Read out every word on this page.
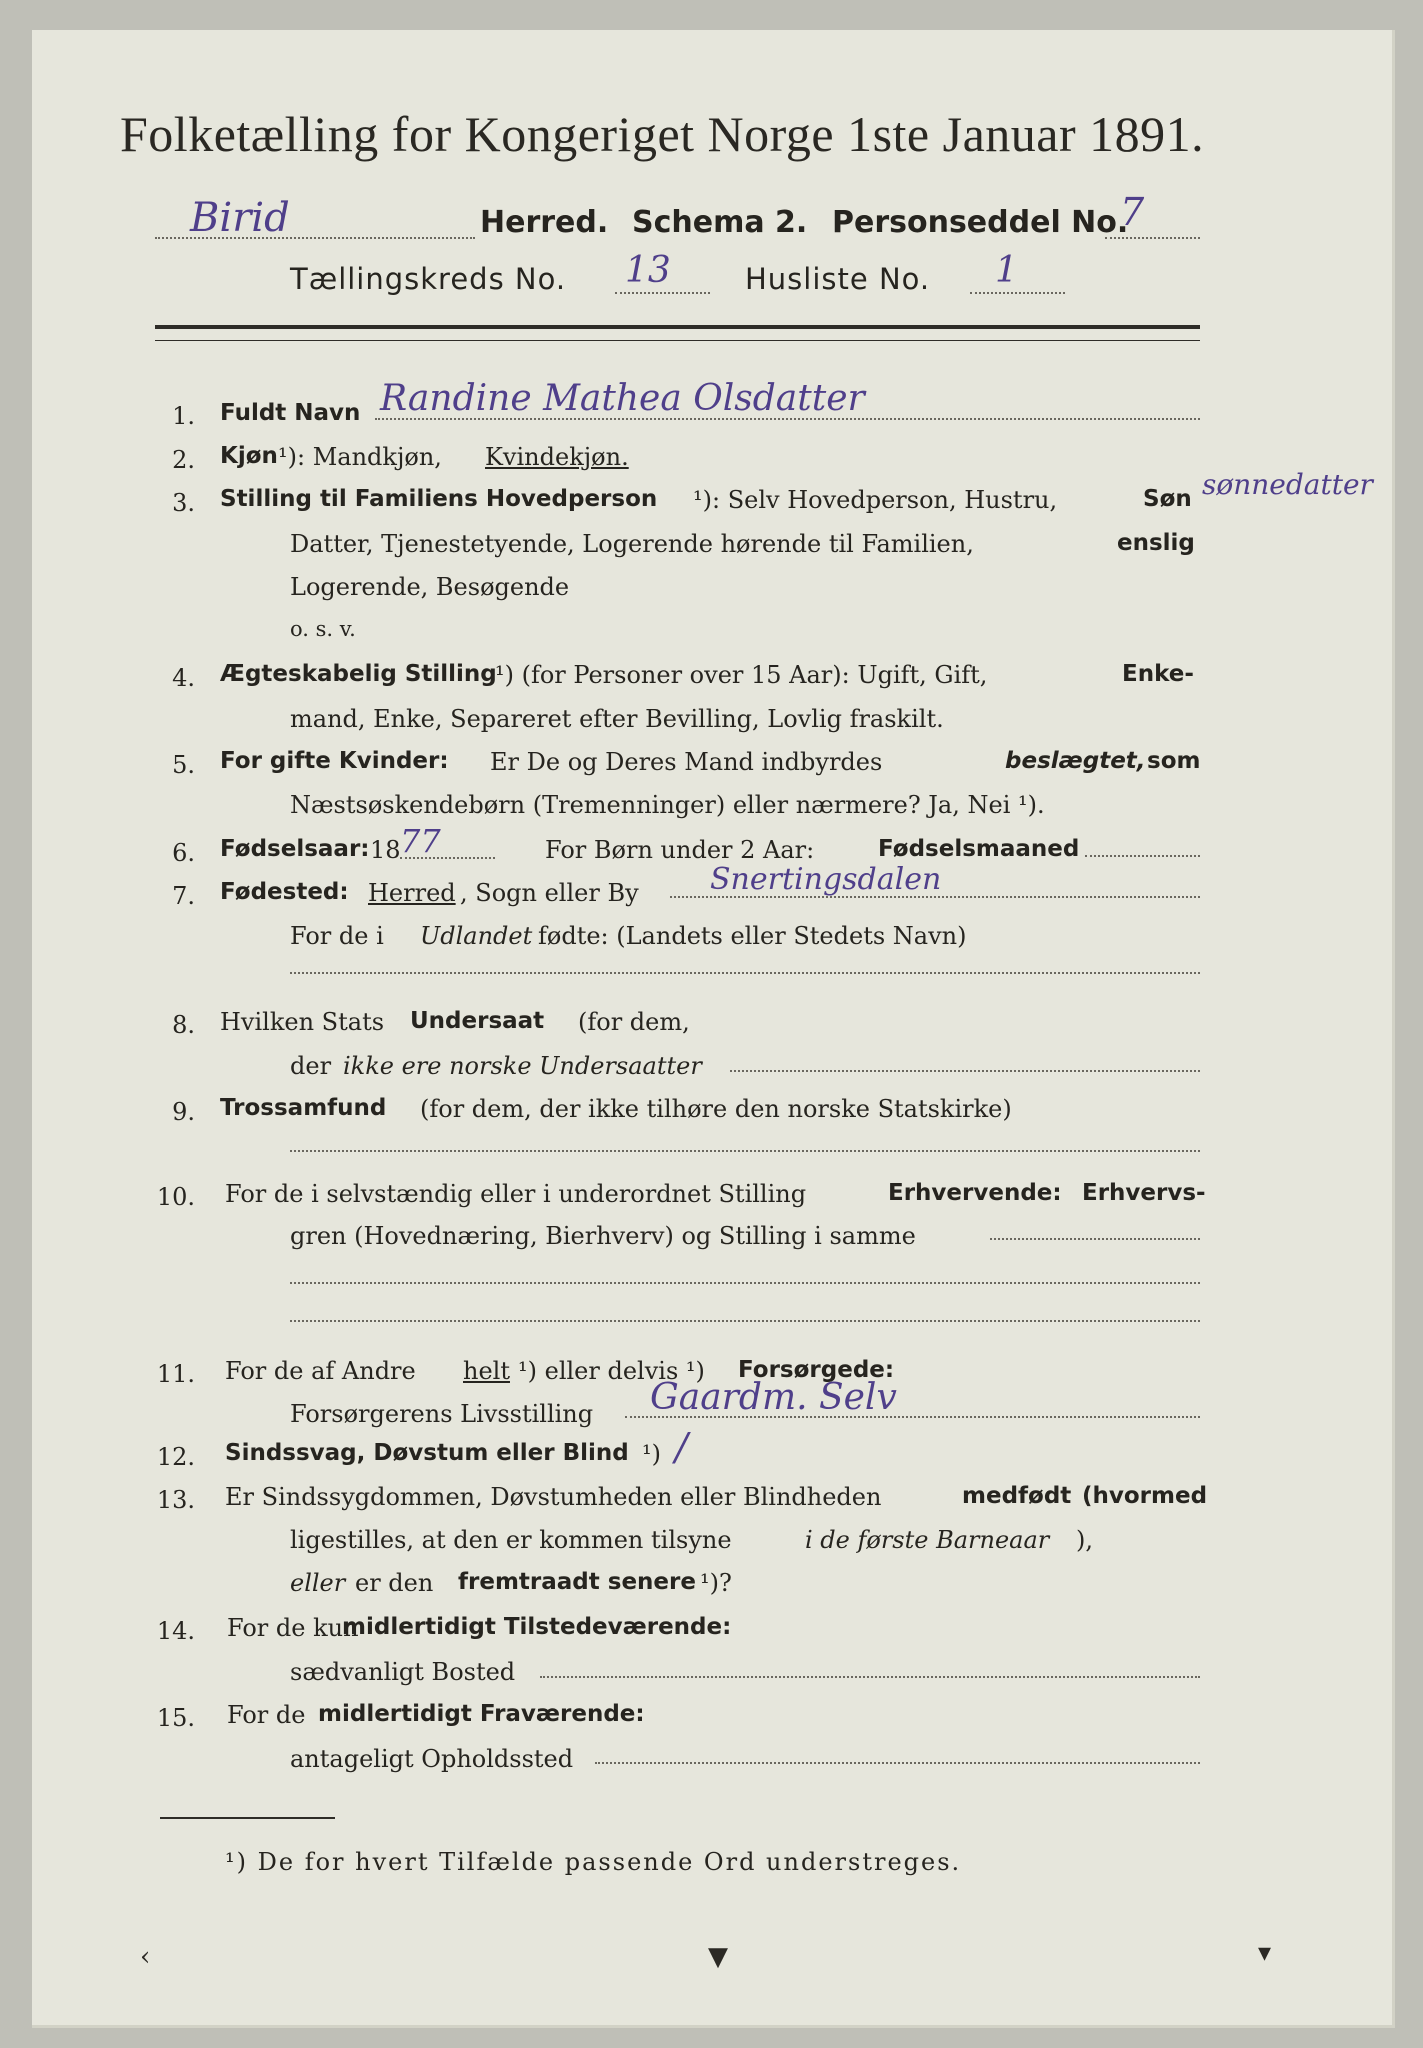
Folketælling for Kongeriget Norge 1ste Januar 1891.
Birid	Herred. Schema 2. Personseddel No.
7
Tællingskreds No. 13	Husliste No. 1
1. Fuldt Navn Randine Mathea Olsdatter
2. Kjøn ¹): Mandkjøn, Kvindekjøn.
3. Stilling til Familiens Hovedperson ¹): Selv Hovedperson, Hustru,	Søn sønnedatter
Datter, Tjenestetyende, Logerende hørende til Familien,	enslig
Logerende, Besøgende
o. s. v.
4. Ægteskabelig Stilling
¹) (for Personer over 15 Aar): Ugift, Gift,	Enke-
mand, Enke, Separeret efter Bevilling, Lovlig fraskilt.
5. For gifte Kvinder: Er De og Deres Mand indbyrdes	beslægtet, som
Næstsøskendebørn (Tremenninger) eller nærmere? Ja, Nei ¹).
6. Fødselsaar: 18 77	For Børn under 2 Aar:	Fødselsmaaned
7. Fødested: Herred , Sogn eller By Snertingsdalen
For de i Udlandet fødte: (Landets eller Stedets Navn)
8. Hvilken Stats Undersaat (for dem,
der ikke ere norske Undersaatter
9. Trossamfund (for dem, der ikke tilhøre den norske Statskirke)
10. For de i selvstændig eller i underordnet Stilling	Erhvervende: Erhvervs-
gren (Hovednæring, Bierhverv) og Stilling i samme
11. For de af Andre helt ¹) eller delvis ¹) Forsørgede:
Forsørgerens Livsstilling Gaardm. Selv
12. Sindssvag, Døvstum eller Blind ¹) /
13. Er Sindssygdommen, Døvstumheden eller Blindheden	medfødt (hvormed
ligestilles, at den er kommen tilsyne	i de første Barneaar ),
eller er den fremtraadt senere ¹)?
14. For de kun
midlertidigt Tilstedeværende:
sædvanligt Bosted
15. For de midlertidigt Fraværende:
antageligt Opholdssted
¹) De for hvert Tilfælde passende Ord understreges.
‹	▼	▾
